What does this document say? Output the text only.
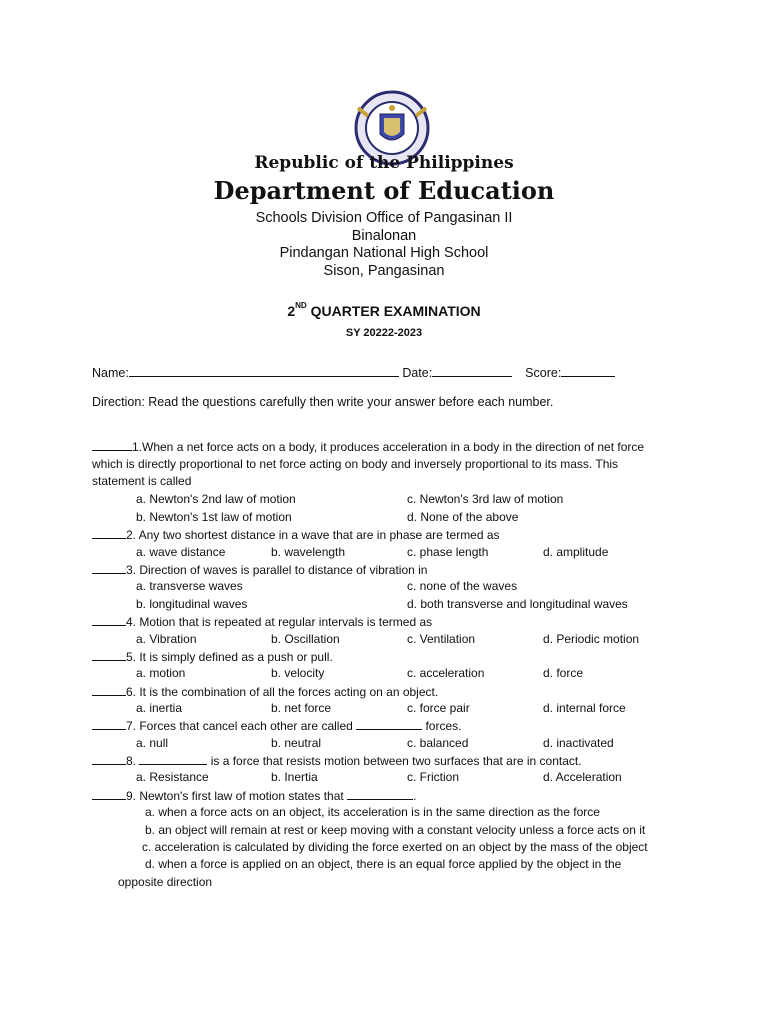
Republic of the Philippines
Department of Education
Schools Division Office of Pangasinan II
Binalonan
Pindangan National High School
Sison, Pangasinan
2ND QUARTER EXAMINATION
SY 20222-2023
Name:	Date:	Score:
Direction: Read the questions carefully then write your answer before each number.
1.When a net force acts on a body, it produces acceleration in a body in the direction of net force
which is directly proportional to net force acting on body and inversely proportional to its mass. This
statement is called
a. Newton's 2nd law of motion	c. Newton's 3rd law of motion
b. Newton's 1st law of motion	d. None of the above
2. Any two shortest distance in a wave that are in phase are termed as
a. wave distance	b. wavelength	c. phase length	d. amplitude
3. Direction of waves is parallel to distance of vibration in
a. transverse waves	c. none of the waves
b. longitudinal waves	d. both transverse and longitudinal waves
4. Motion that is repeated at regular intervals is termed as
a. Vibration	b. Oscillation	c. Ventilation	d. Periodic motion
5. It is simply defined as a push or pull.
a. motion	b. velocity	c. acceleration	d. force
6. It is the combination of all the forces acting on an object.
a. inertia	b. net force	c. force pair	d. internal force
7. Forces that cancel each other are called	forces.
a. null	b. neutral	c. balanced	d. inactivated
8.	is a force that resists motion between two surfaces that are in contact.
a. Resistance	b. Inertia	c. Friction	d. Acceleration
9. Newton's first law of motion states that	.
a. when a force acts on an object, its acceleration is in the same direction as the force
b. an object will remain at rest or keep moving with a constant velocity unless a force acts on it
c. acceleration is calculated by dividing the force exerted on an object by the mass of the object
d. when a force is applied on an object, there is an equal force applied by the object in the
opposite direction
